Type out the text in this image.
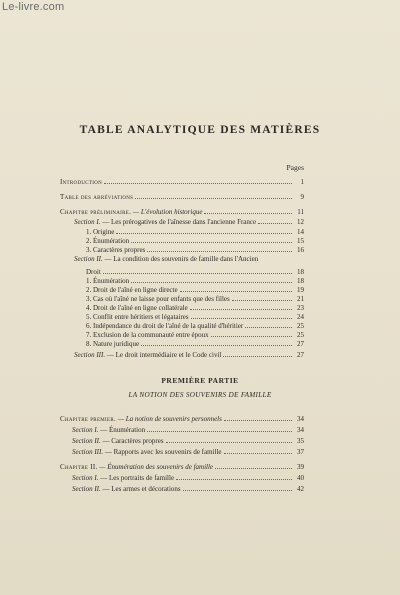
Le-livre.com
TABLE ANALYTIQUE DES MATIÈRES
Pages
Introduction	1
Table des abréviations	9
Chapitre préliminaire. — L'évolution historique	11
Section I. — Les prérogatives de l'aînesse dans l'ancienne France	12
1. Origine	14
2. Énumération	15
3. Caractères propres	16
Section II. — La condition des souvenirs de famille dans l'Ancien
Droit	18
1. Énumération	18
2. Droit de l'aîné en ligne directe	19
3. Cas où l'aîné ne laisse pour enfants que des filles	21
4. Droit de l'aîné en ligne collatérale	23
5. Conflit entre héritiers et légataires	24
6. Indépendance du droit de l'aîné de la qualité d'héritier	25
7. Exclusion de la communauté entre époux	25
8. Nature juridique	27
Section III. — Le droit intermédiaire et le Code civil	27
PREMIÈRE PARTIE
LA NOTION DES SOUVENIRS DE FAMILLE
Chapitre premier. — La notion de souvenirs personnels	34
Section I. — Énumération	34
Section II. — Caractères propres	35
Section III. — Rapports avec les souvenirs de famille	37
Chapitre II. — Énumération des souvenirs de famille	39
Section I. — Les portraits de famille	40
Section II. — Les armes et décorations	42
